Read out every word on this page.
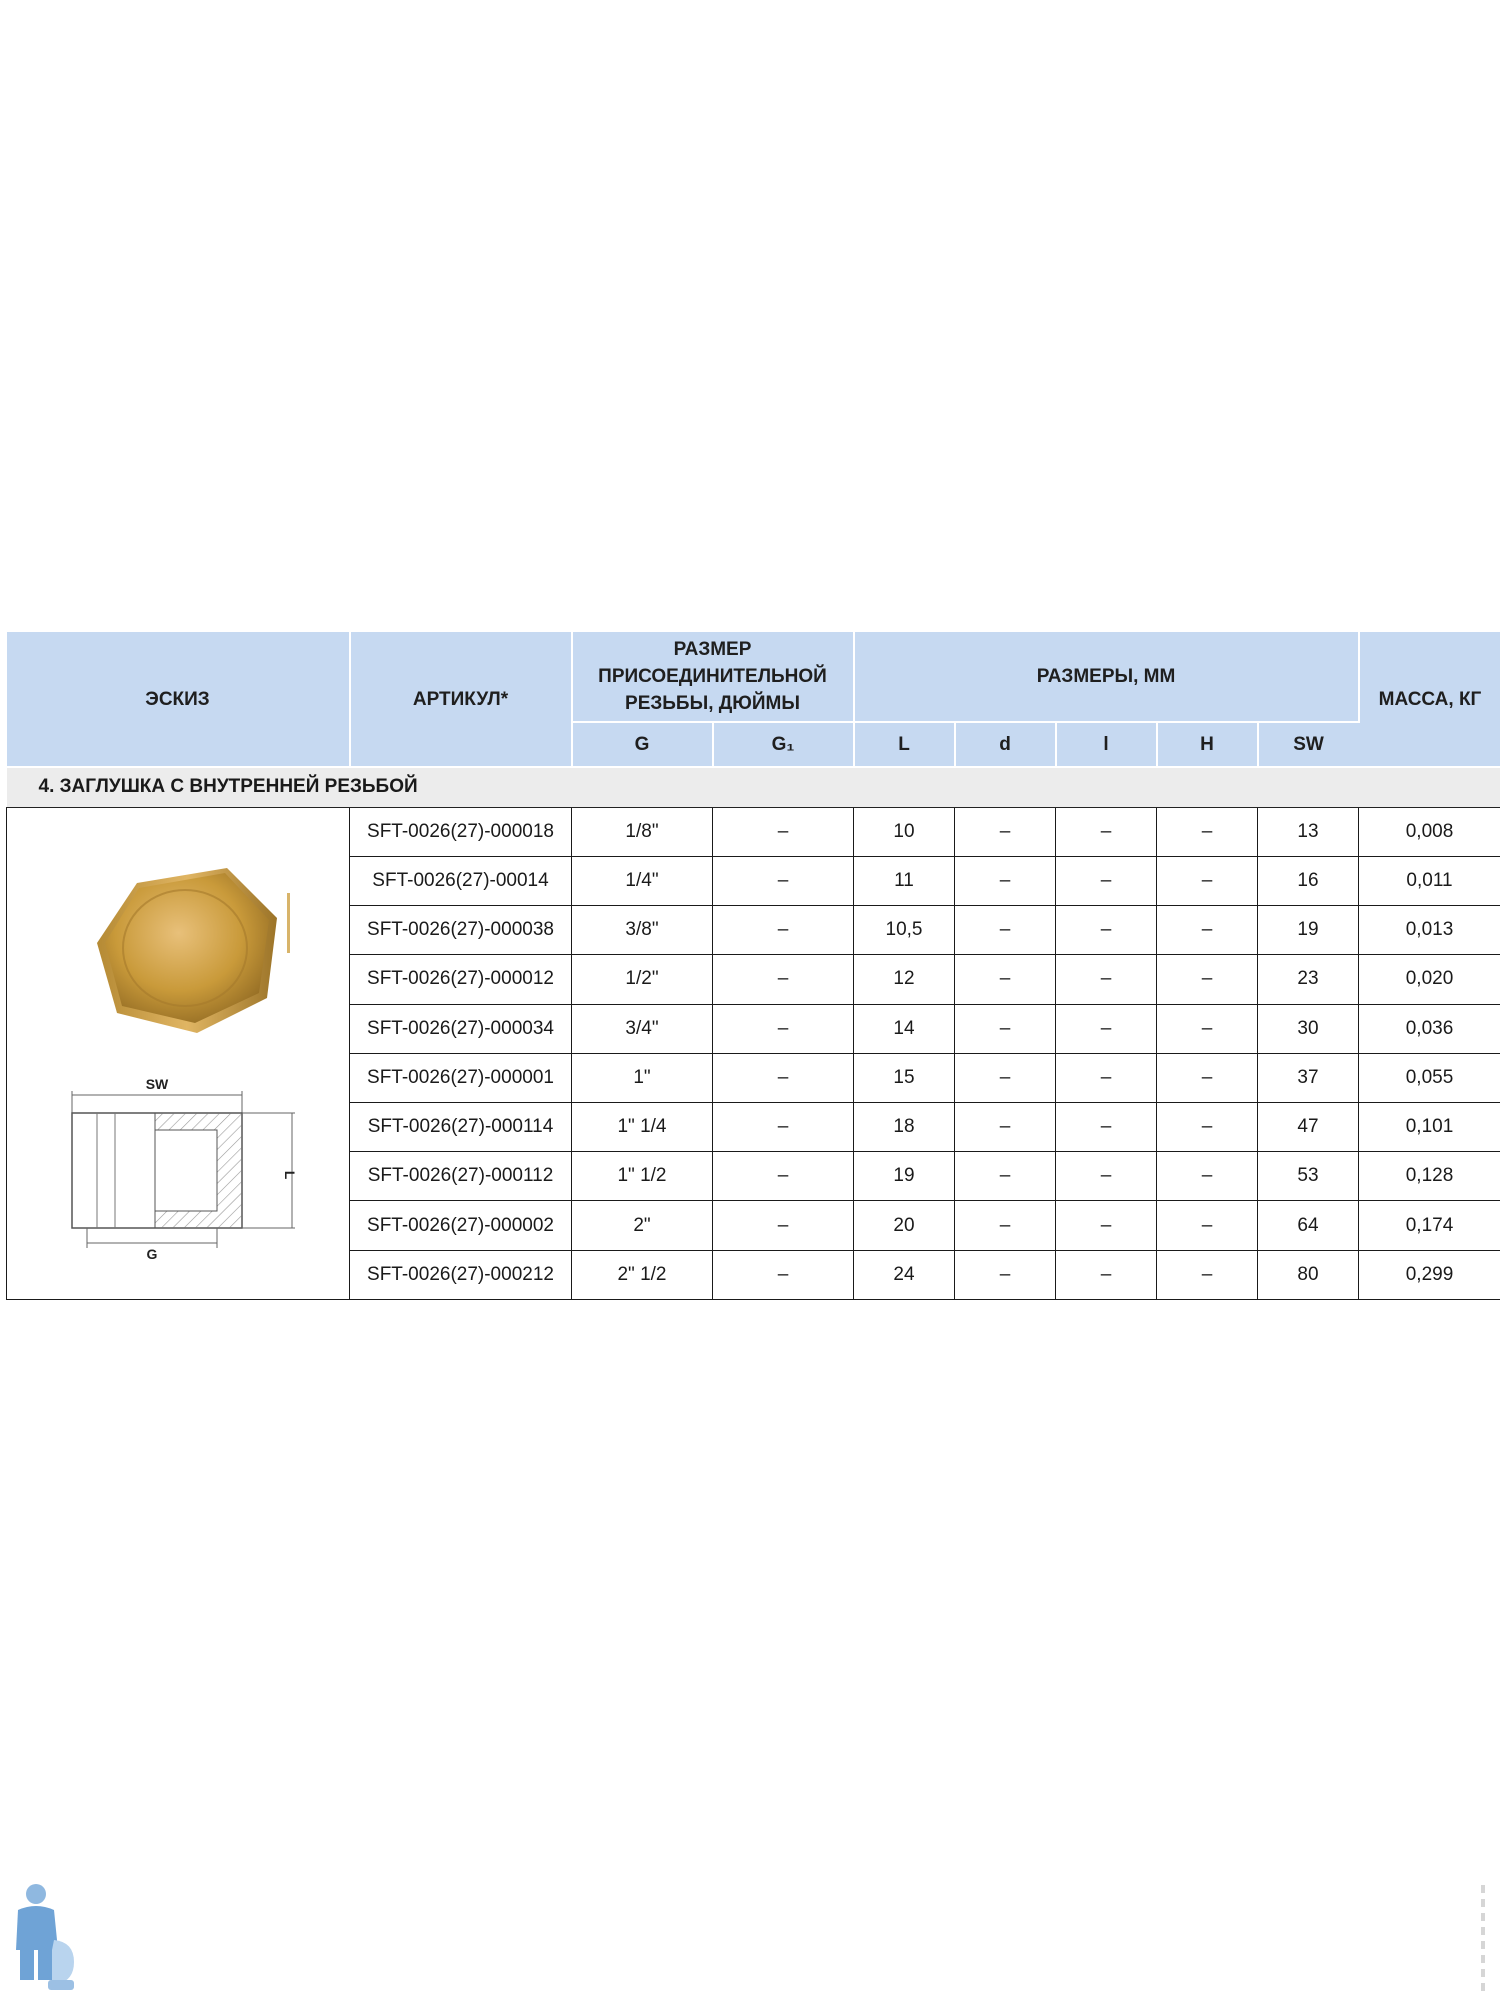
ЭСКИЗ	АРТИКУЛ*	РАЗМЕР ПРИСОЕДИНИТЕЛЬНОЙ РЕЗЬБЫ, ДЮЙМЫ		РАЗМЕРЫ, ММ					МАССА, КГ
		G	G₁	L	d	l	H	SW	
4. ЗАГЛУШКА С ВНУТРЕННЕЙ РЕЗЬБОЙ									
	SFT-0026(27)-000018	1/8"	–	10	–	–	–	13	0,008
	SFT-0026(27)-00014	1/4"	–	11	–	–	–	16	0,011
	SFT-0026(27)-000038	3/8"	–	10,5	–	–	–	19	0,013
	SFT-0026(27)-000012	1/2"	–	12	–	–	–	23	0,020
	SFT-0026(27)-000034	3/4"	–	14	–	–	–	30	0,036
	SFT-0026(27)-000001	1"	–	15	–	–	–	37	0,055
	SFT-0026(27)-000114	1" 1/4	–	18	–	–	–	47	0,101
	SFT-0026(27)-000112	1" 1/2	–	19	–	–	–	53	0,128
	SFT-0026(27)-000002	2"	–	20	–	–	–	64	0,174
	SFT-0026(27)-000212	2" 1/2	–	24	–	–	–	80	0,299
SW
L
G
